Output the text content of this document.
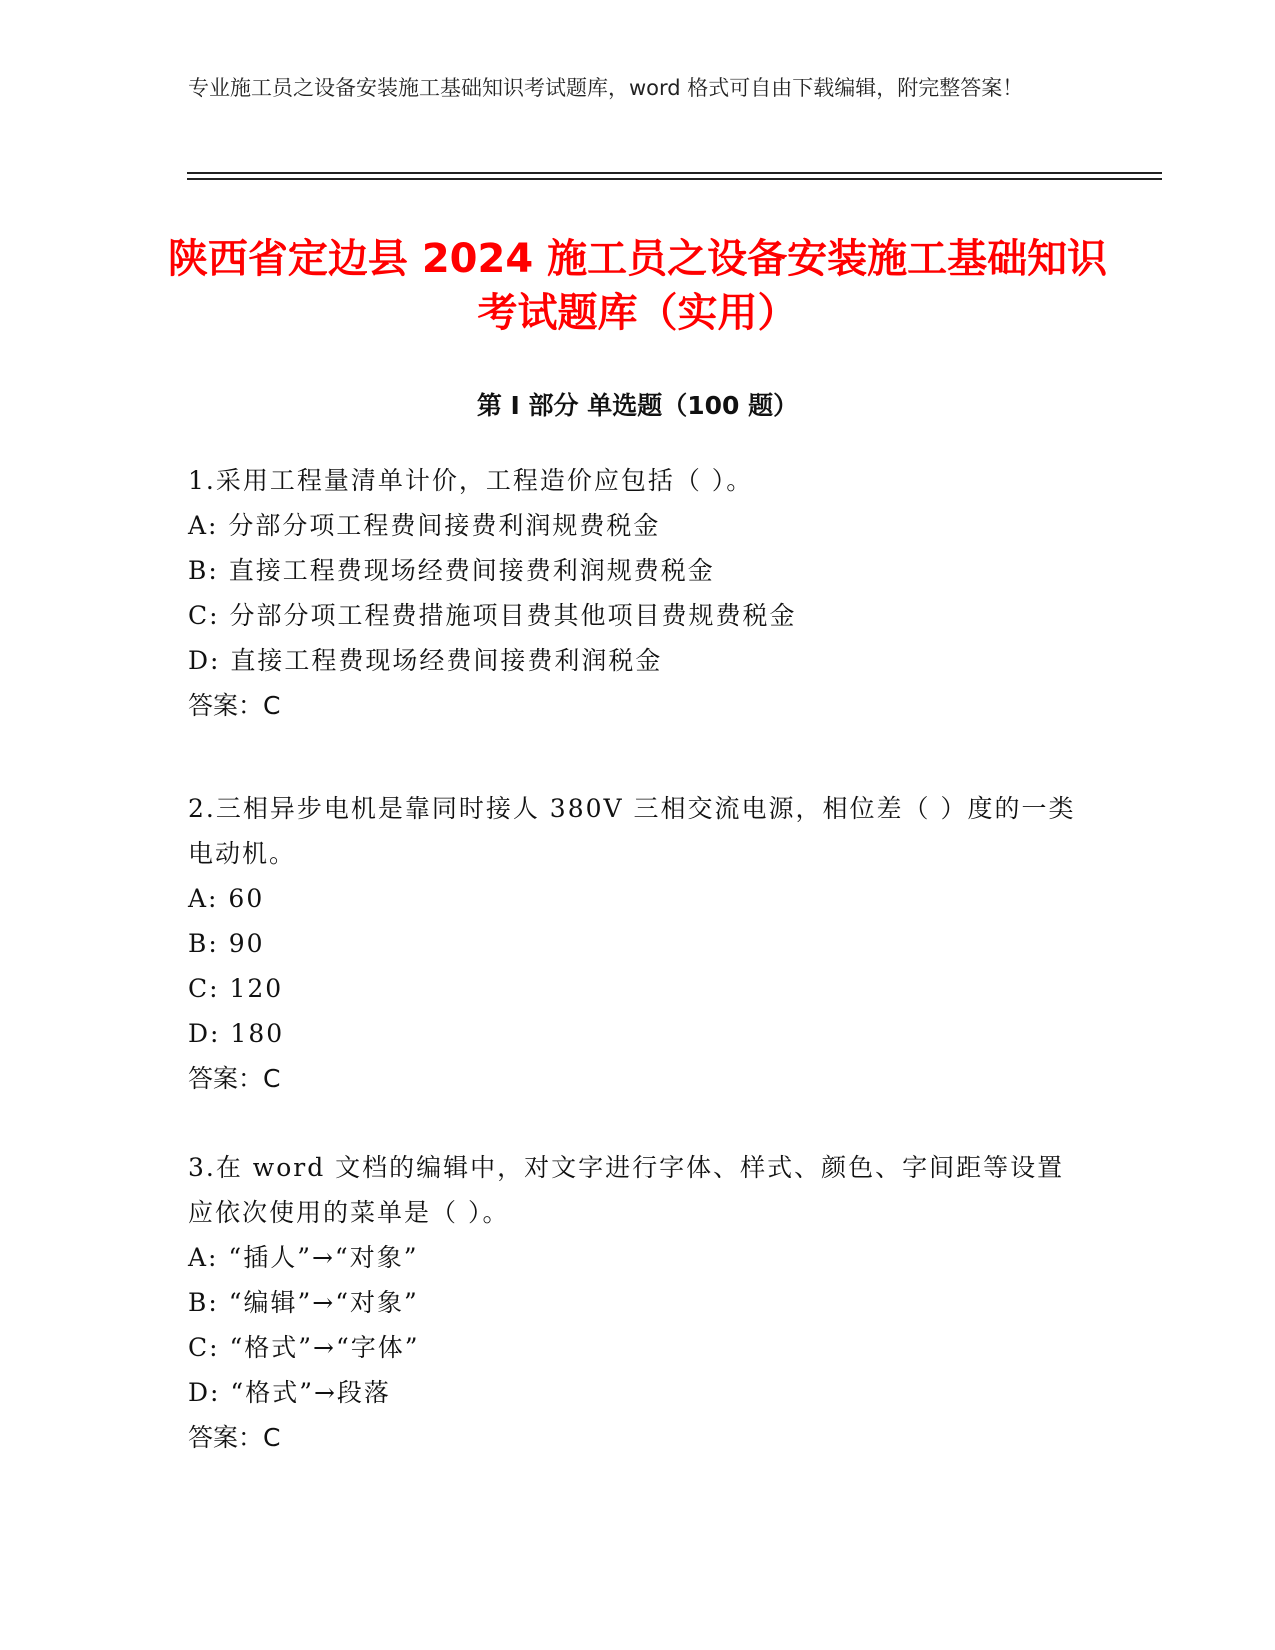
专业施工员之设备安装施工基础知识考试题库，word 格式可自由下载编辑，附完整答案！
陕西省定边县 2024 施工员之设备安装施工基础知识考试题库（实用）
第 I 部分 单选题（100 题）
1.采用工程量清单计价，工程造价应包括（ ）。
A: 分部分项工程费间接费利润规费税金
B: 直接工程费现场经费间接费利润规费税金
C: 分部分项工程费措施项目费其他项目费规费税金
D: 直接工程费现场经费间接费利润税金
答案：C
2.三相异步电机是靠同时接人 380V 三相交流电源，相位差（ ）度的一类电动机。
A: 60
B: 90
C: 120
D: 180
答案：C
3.在 word 文档的编辑中，对文字进行字体、样式、颜色、字间距等设置应依次使用的菜单是（ ）。
A: “插人”→“对象”
B: “编辑”→“对象”
C: “格式”→“字体”
D: “格式”→段落
答案：C
